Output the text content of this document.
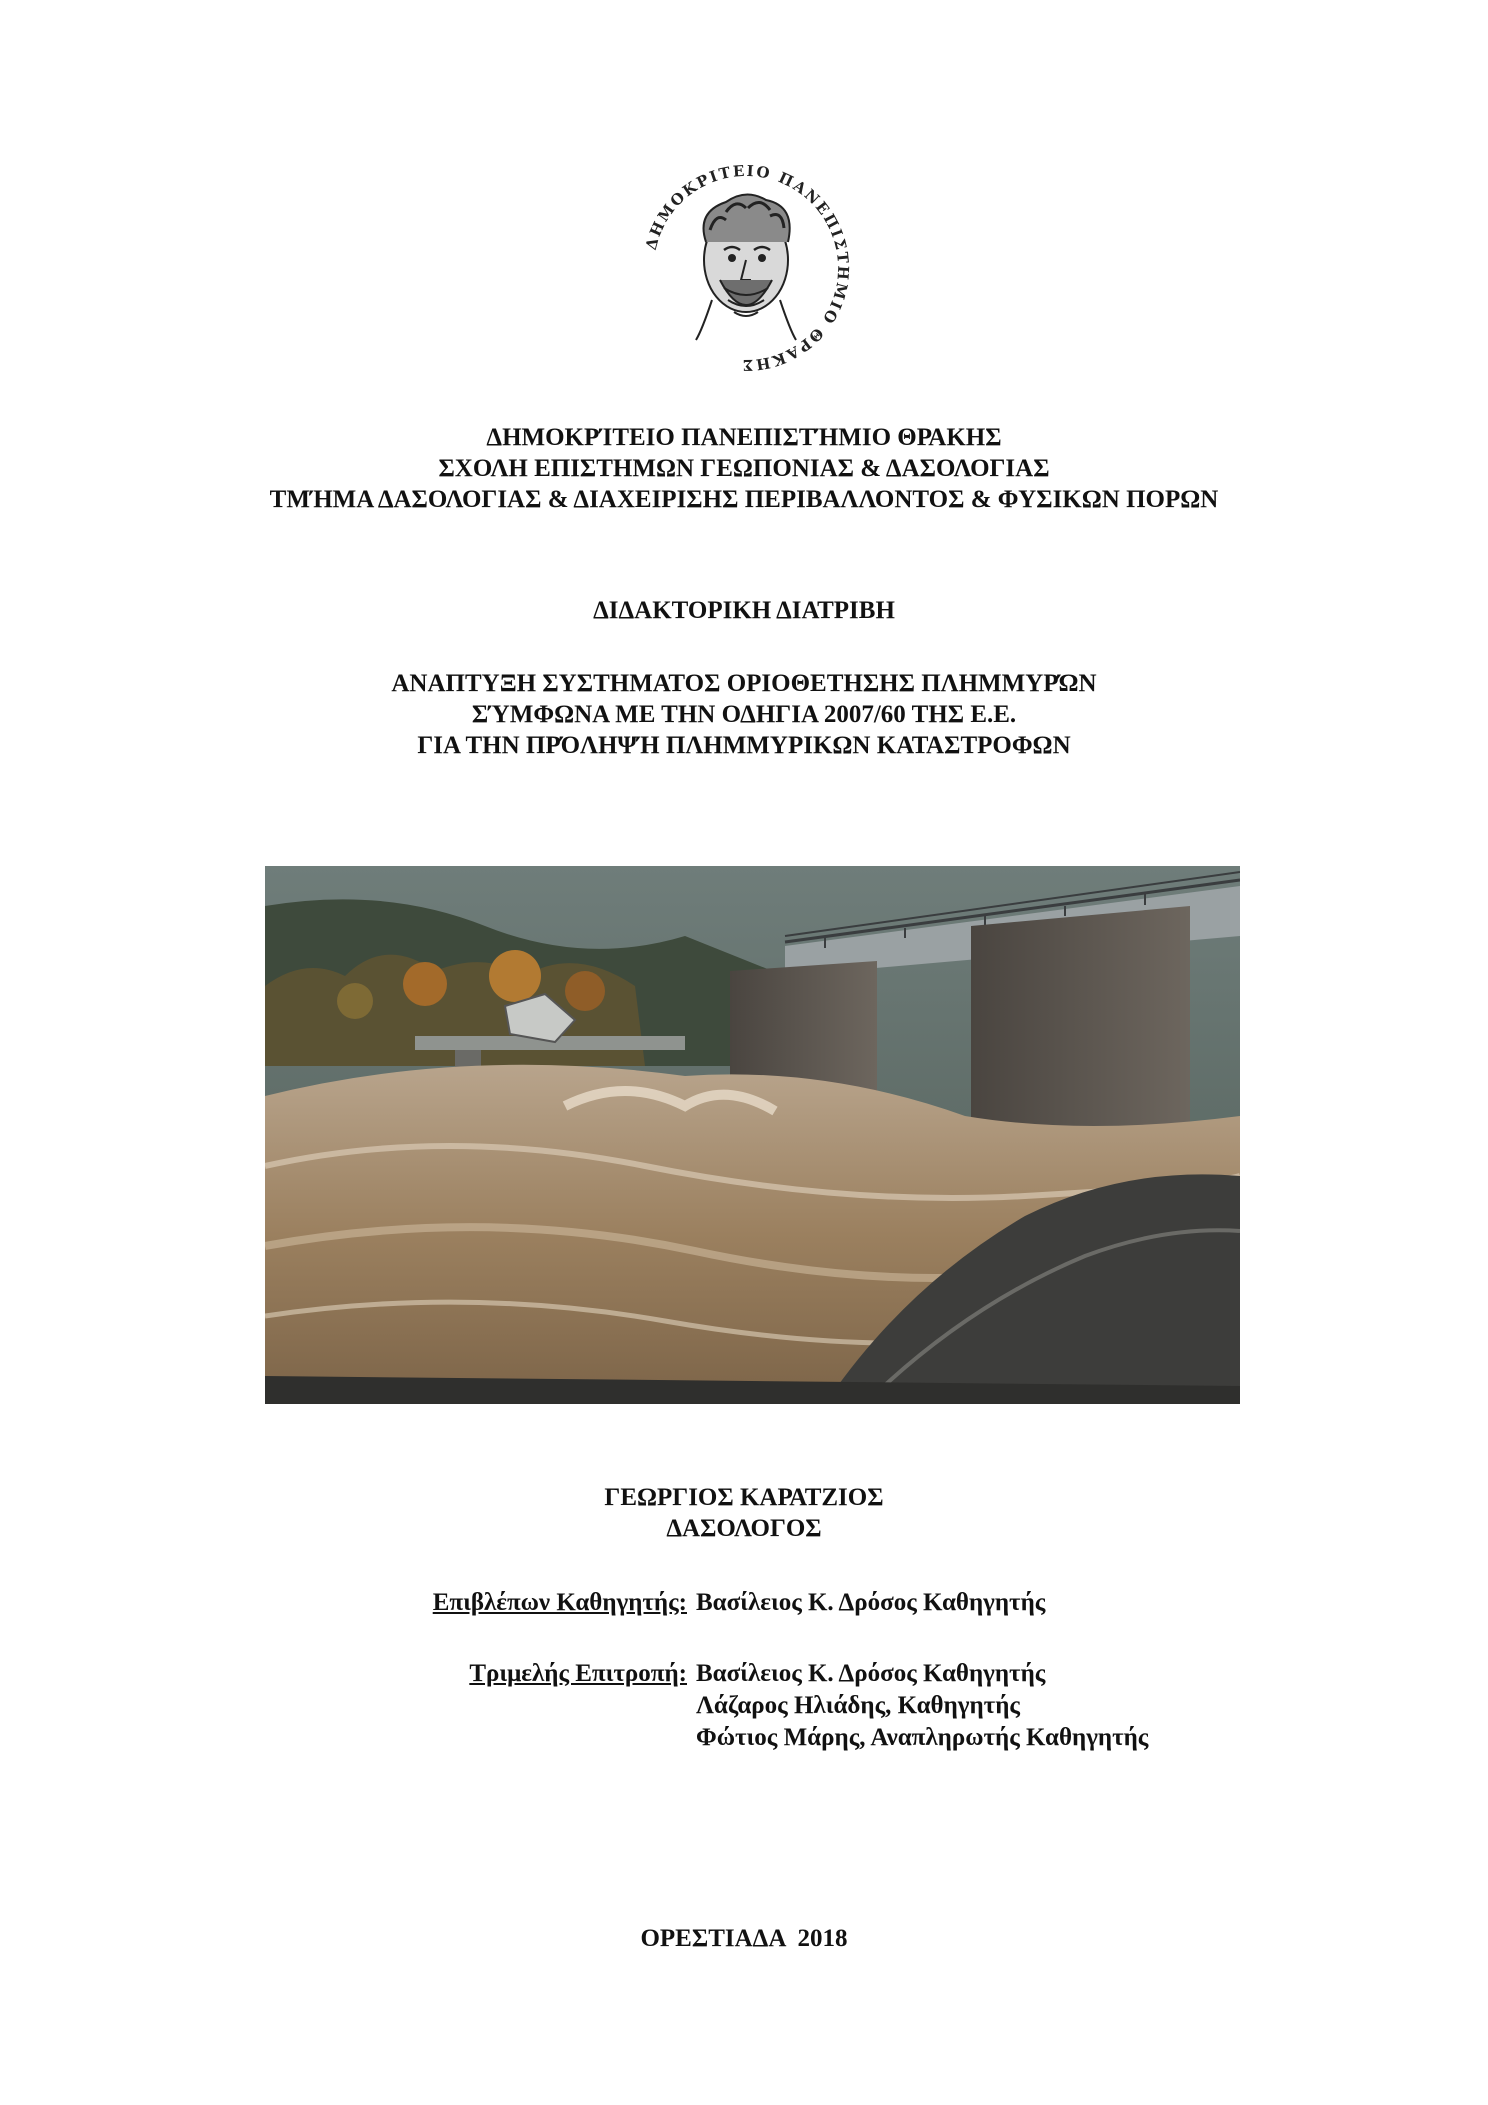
ΔΗΜΟΚΡΙΤΕΙΟ ΠΑΝΕΠΙΣΤΗΜΙΟ ΘΡΑΚΗΣ
ΔΗΜΟΚΡΊΤΕΙΟ ΠΑΝΕΠΙΣΤΉΜΙΟ ΘΡΑΚΗΣ
ΣΧΟΛΗ ΕΠΙΣΤΗΜΩΝ ΓΕΩΠΟΝΙΑΣ & ΔΑΣΟΛΟΓΙΑΣ
ΤΜΉΜΑ ΔΑΣΟΛΟΓΙΑΣ & ΔΙΑΧΕΙΡΙΣΗΣ ΠΕΡΙΒΑΛΛΟΝΤΟΣ & ΦΥΣΙΚΩΝ ΠΟΡΩΝ
ΔΙΔΑΚΤΟΡΙΚΗ ΔΙΑΤΡΙΒΗ
ΑΝΑΠΤΥΞΗ ΣΥΣΤΗΜΑΤΟΣ ΟΡΙΟΘΕΤΗΣΗΣ ΠΛΗΜΜΥΡΏΝ
ΣΎΜΦΩΝΑ ΜΕ ΤΗΝ ΟΔΗΓΙΑ 2007/60 ΤΗΣ Ε.Ε.
ΓΙΑ ΤΗΝ ΠΡΌΛΗΨΉ ΠΛΗΜΜΥΡΙΚΩΝ ΚΑΤΑΣΤΡΟΦΩΝ
ΓΕΩΡΓΙΟΣ ΚΑΡΑΤΖΙΟΣ
ΔΑΣΟΛΟΓΟΣ
Επιβλέπων Καθηγητής: Βασίλειος Κ. Δρόσος Καθηγητής
Τριμελής Επιτροπή: Βασίλειος Κ. Δρόσος Καθηγητής
Λάζαρος Ηλιάδης, Καθηγητής
Φώτιος Μάρης, Αναπληρωτής Καθηγητής
ΟΡΕΣΤΙΑΔΑ  2018
